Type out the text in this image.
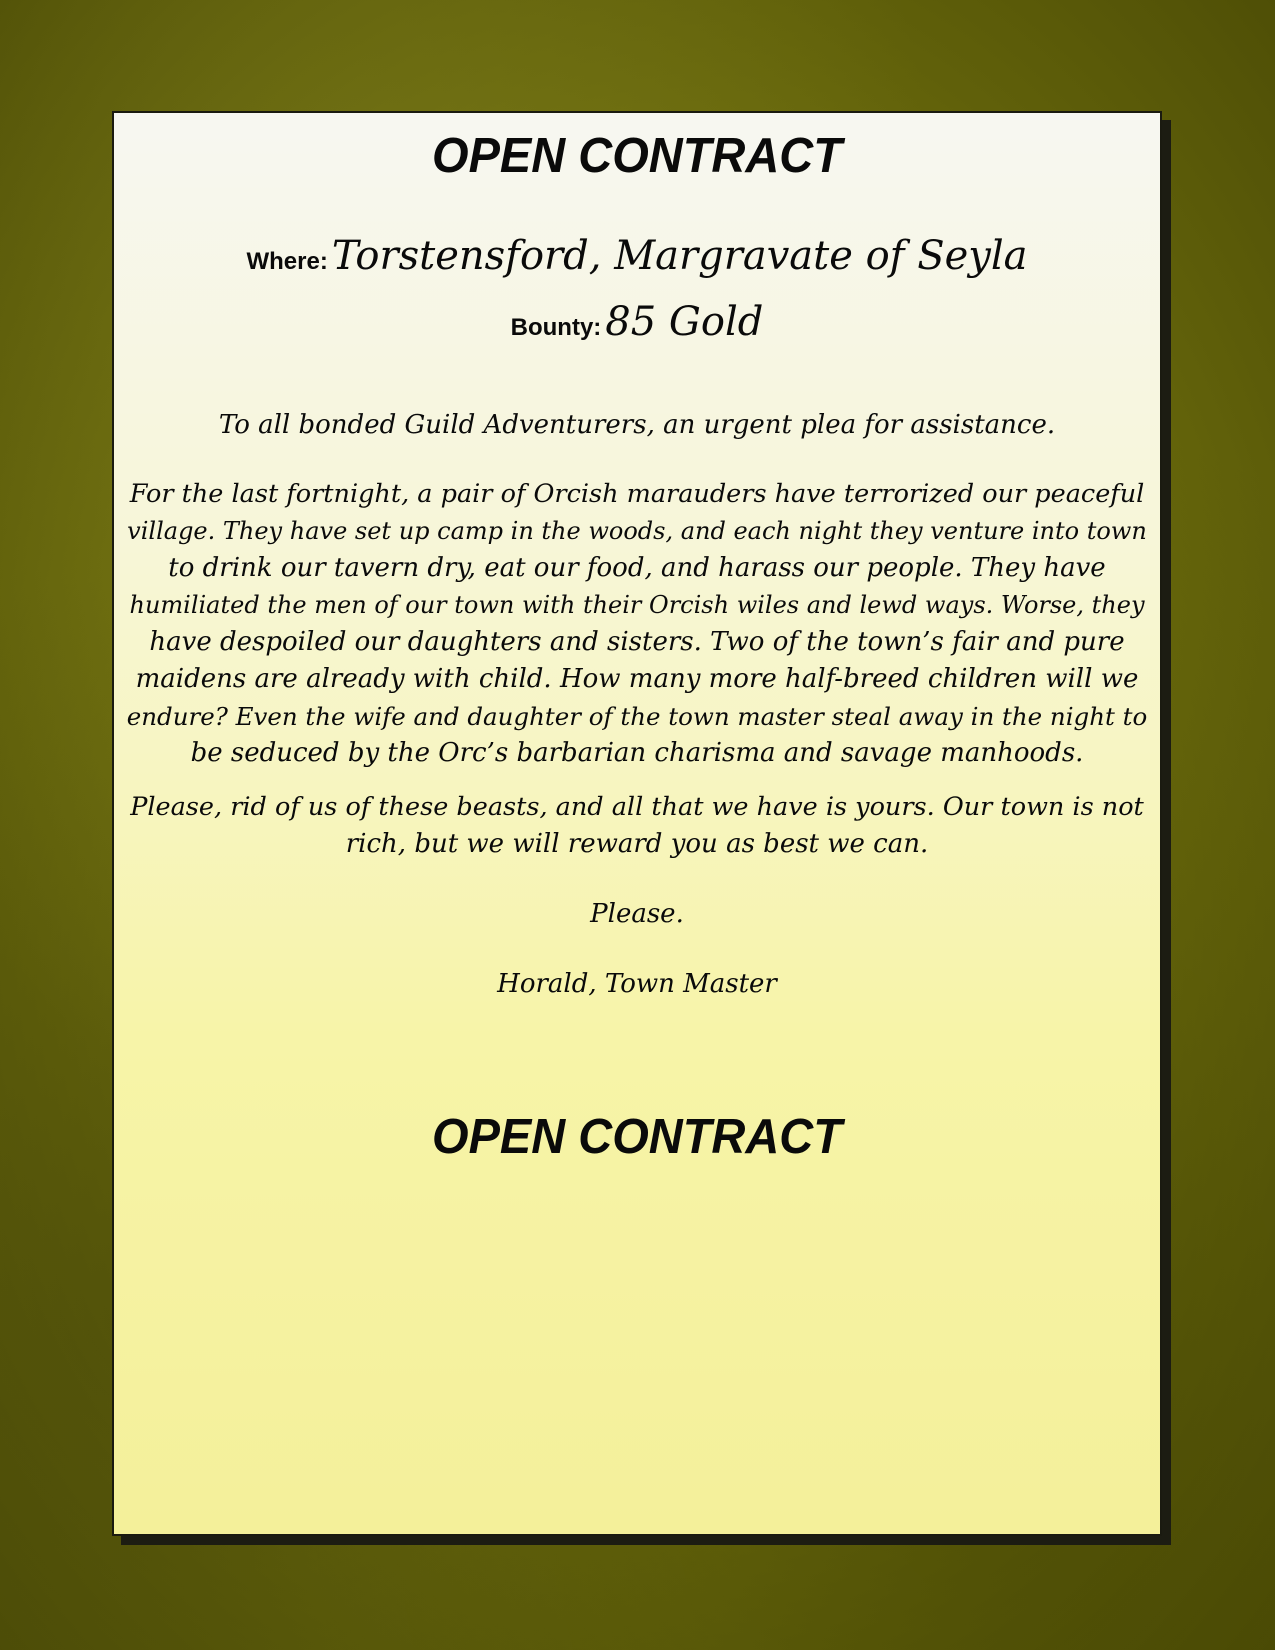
OPEN CONTRACT
Where: Torstensford, Margravate of Seyla
Bounty: 85 Gold
To all bonded Guild Adventurers, an urgent plea for assistance.
For the last fortnight, a pair of Orcish marauders have terrorized our peaceful
village. They have set up camp in the woods, and each night they venture into town
to drink our tavern dry, eat our food, and harass our people. They have
humiliated the men of our town with their Orcish wiles and lewd ways. Worse, they
have despoiled our daughters and sisters. Two of the town’s fair and pure
maidens are already with child. How many more half-breed children will we
endure? Even the wife and daughter of the town master steal away in the night to
be seduced by the Orc’s barbarian charisma and savage manhoods.
Please, rid of us of these beasts, and all that we have is yours. Our town is not
rich, but we will reward you as best we can.
Please.
Horald, Town Master
OPEN CONTRACT
